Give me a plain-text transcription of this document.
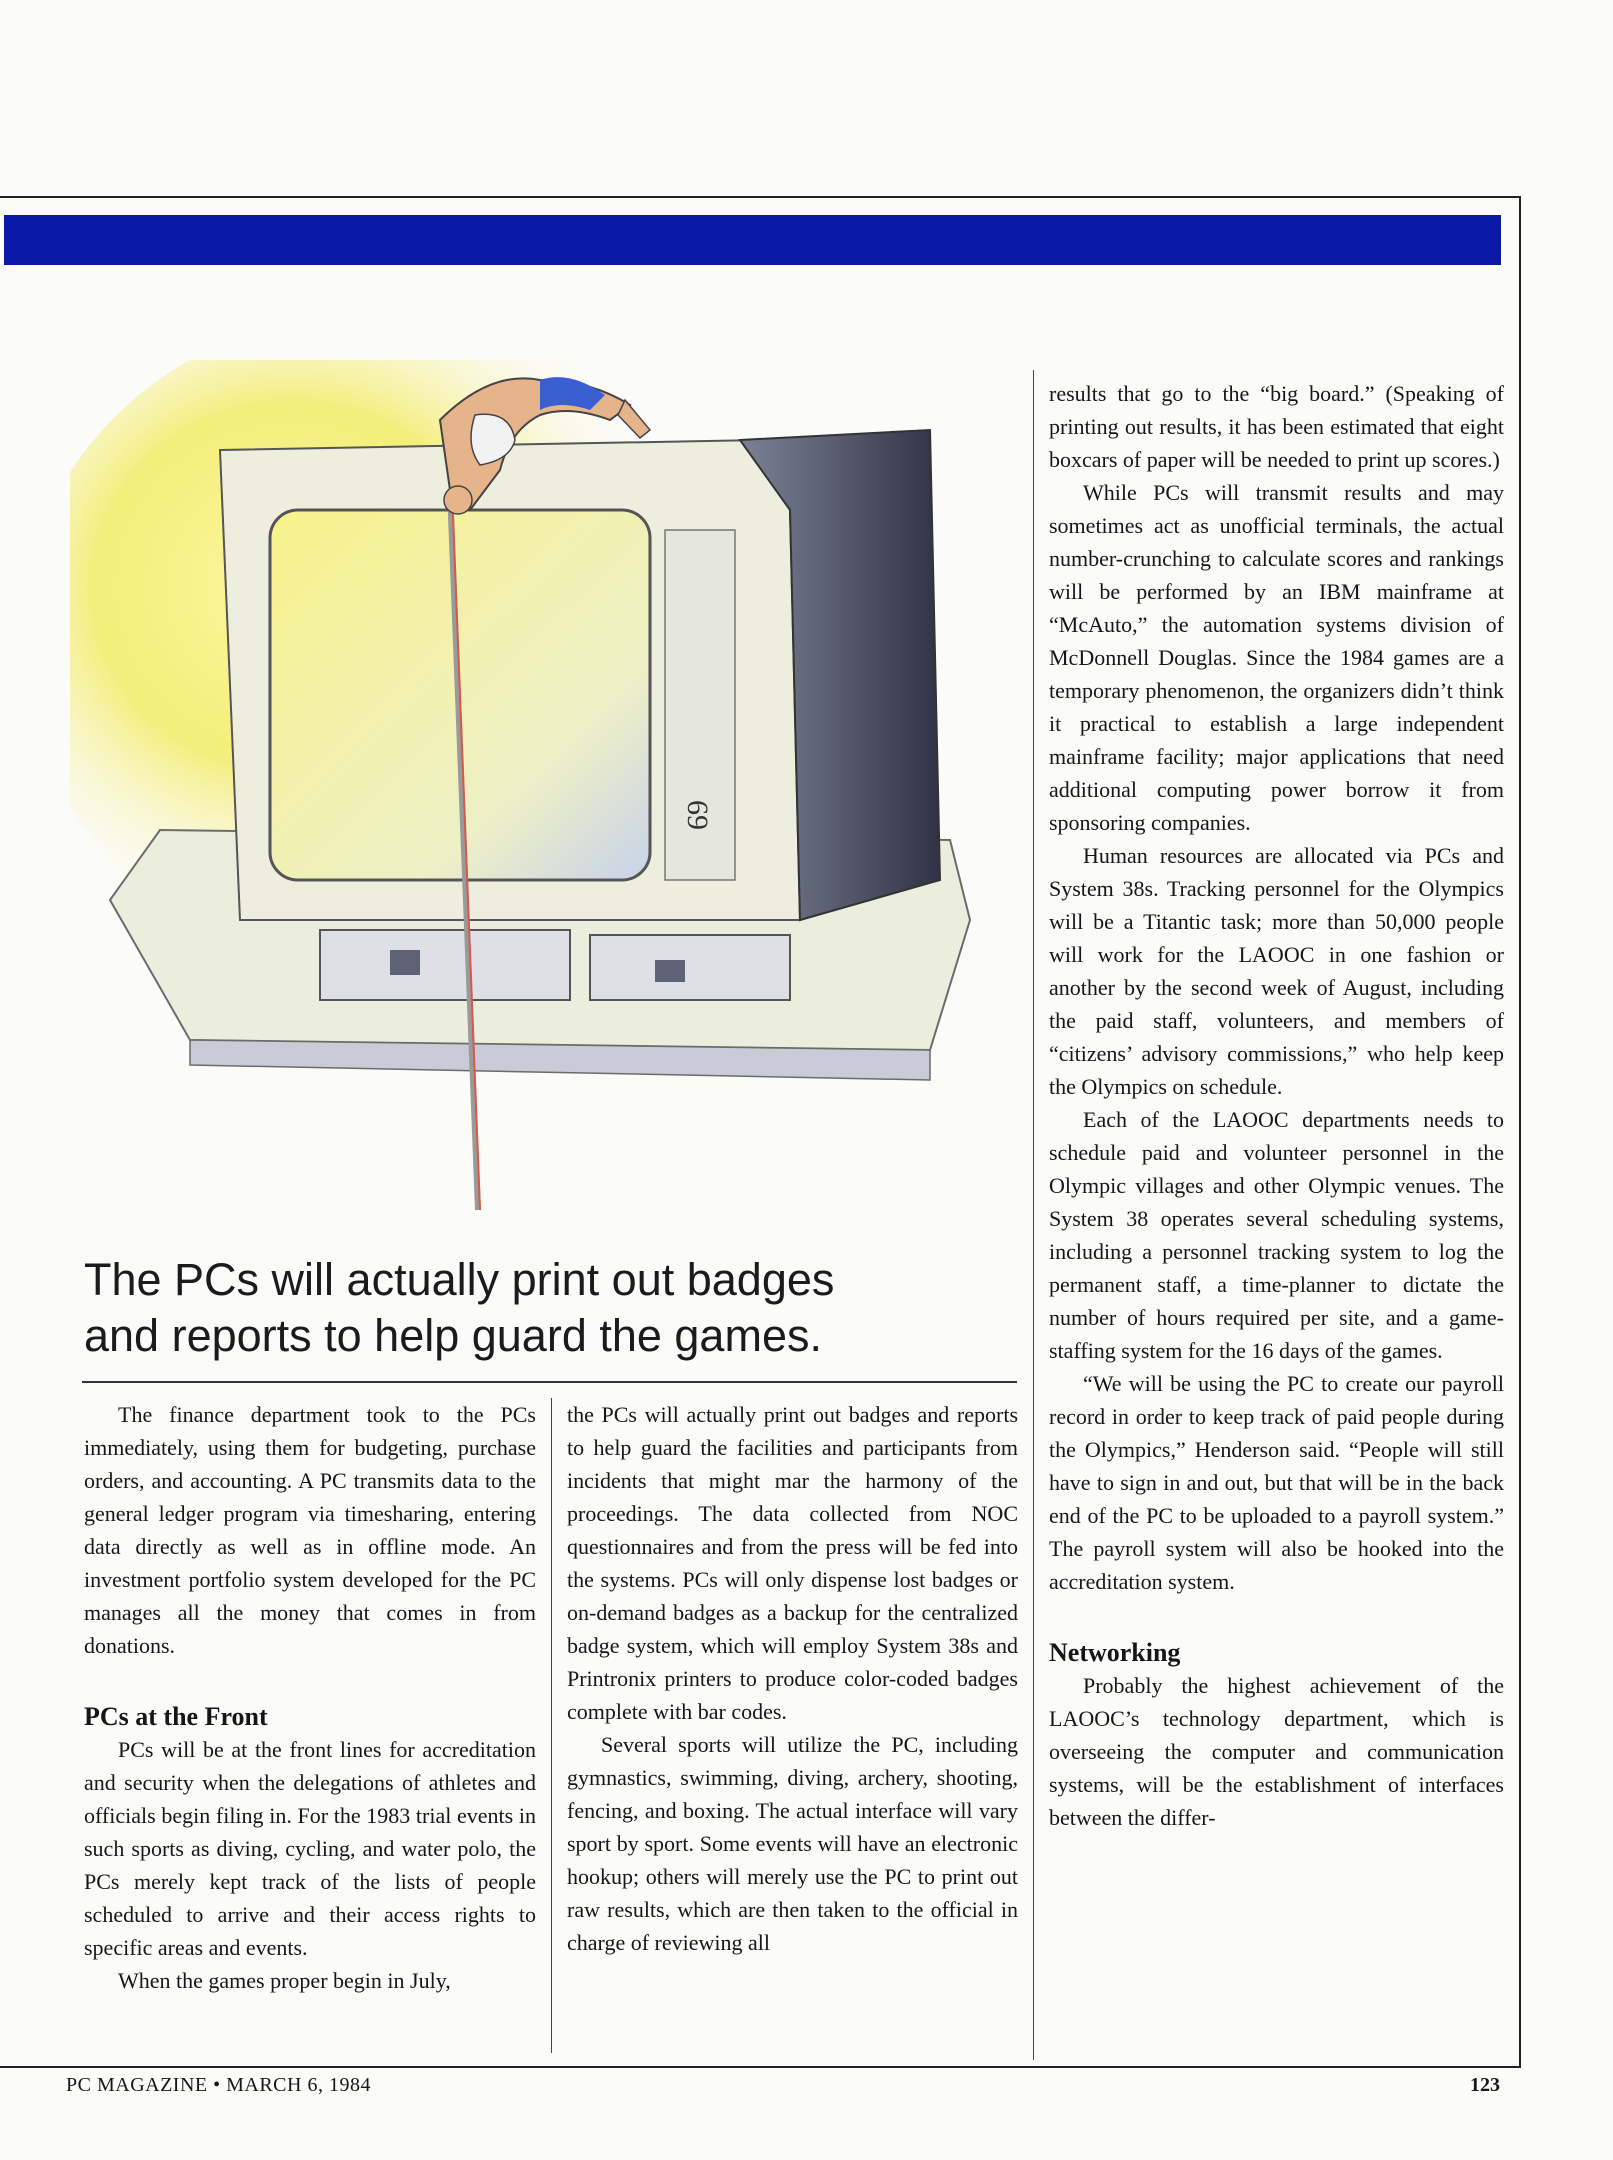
69
The PCs will actually print out badges
and reports to help guard the games.

The finance department took to the PCs immediately, using them for budgeting, purchase orders, and accounting. A PC transmits data to the general ledger program via timesharing, entering data directly as well as in offline mode. An investment portfolio system developed for the PC manages all the money that comes in from donations.

PCs at the Front

PCs will be at the front lines for accreditation and security when the delegations of athletes and officials begin filing in. For the 1983 trial events in such sports as diving, cycling, and water polo, the PCs merely kept track of the lists of people scheduled to arrive and their access rights to specific areas and events.

When the games proper begin in July,

the PCs will actually print out badges and reports to help guard the facilities and participants from incidents that might mar the harmony of the proceedings. The data collected from NOC questionnaires and from the press will be fed into the systems. PCs will only dispense lost badges or on-demand badges as a backup for the centralized badge system, which will employ System 38s and Printronix printers to produce color-coded badges complete with bar codes.

Several sports will utilize the PC, including gymnastics, swimming, diving, archery, shooting, fencing, and boxing. The actual interface will vary sport by sport. Some events will have an electronic hookup; others will merely use the PC to print out raw results, which are then taken to the official in charge of reviewing all

results that go to the “big board.” (Speaking of printing out results, it has been estimated that eight boxcars of paper will be needed to print up scores.)

While PCs will transmit results and may sometimes act as unofficial terminals, the actual number-crunching to calculate scores and rankings will be performed by an IBM mainframe at “McAuto,” the automation systems division of McDonnell Douglas. Since the 1984 games are a temporary phenomenon, the organizers didn’t think it practical to establish a large independent mainframe facility; major applications that need additional computing power borrow it from sponsoring companies.

Human resources are allocated via PCs and System 38s. Tracking personnel for the Olympics will be a Titantic task; more than 50,000 people will work for the LAOOC in one fashion or another by the second week of August, including the paid staff, volunteers, and members of “citizens’ advisory commissions,” who help keep the Olympics on schedule.

Each of the LAOOC departments needs to schedule paid and volunteer personnel in the Olympic villages and other Olympic venues. The System 38 operates several scheduling systems, including a personnel tracking system to log the permanent staff, a time-planner to dictate the number of hours required per site, and a game-staffing system for the 16 days of the games.

“We will be using the PC to create our payroll record in order to keep track of paid people during the Olympics,” Henderson said. “People will still have to sign in and out, but that will be in the back end of the PC to be uploaded to a payroll system.” The payroll system will also be hooked into the accreditation system.

Networking

Probably the highest achievement of the LAOOC’s technology department, which is overseeing the computer and communication systems, will be the establishment of interfaces between the differ-

PC MAGAZINE • MARCH 6, 1984	123
